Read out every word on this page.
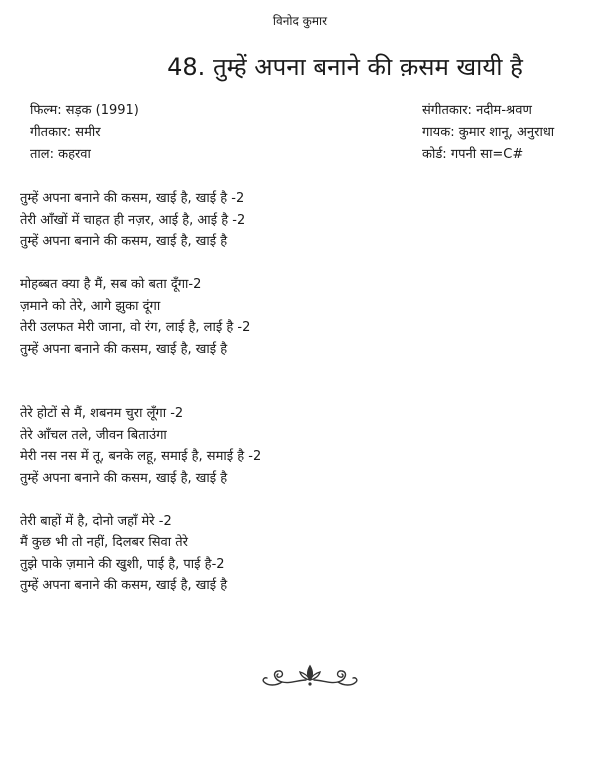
विनोद कुमार
48. तुम्हें अपना बनाने की क़सम खायी है
फिल्म: सड़क (1991)
गीतकार: समीर
ताल: कहरवा
संगीतकार: नदीम-श्रवण
गायक: कुमार शानू, अनुराधा
कोर्ड: गपनी सा=C#
तुम्हें अपना बनाने की कसम, खाई है, खाई है -2
तेरी आँखों में चाहत ही नज़र, आई है, आई है -2
तुम्हें अपना बनाने की कसम, खाई है, खाई है
मोहब्बत क्या है मैं, सब को बता दूँगा-2
ज़माने को तेरे, आगे झुका दूंगा
तेरी उलफत मेरी जाना, वो रंग, लाई है, लाई है -2
तुम्हें अपना बनाने की कसम, खाई है, खाई है
तेरे होटों से मैं, शबनम चुरा लूँगा -2
तेरे आँचल तले, जीवन बिताउंगा
मेरी नस नस में तू, बनके लहू, समाई है, समाई है -2
तुम्हें अपना बनाने की कसम, खाई है, खाई है
तेरी बाहों में है, दोनो जहाँ मेरे -2
मैं कुछ भी तो नहीं, दिलबर सिवा तेरे
तुझे पाके ज़माने की खुशी, पाई है, पाई है-2
तुम्हें अपना बनाने की कसम, खाई है, खाई है
